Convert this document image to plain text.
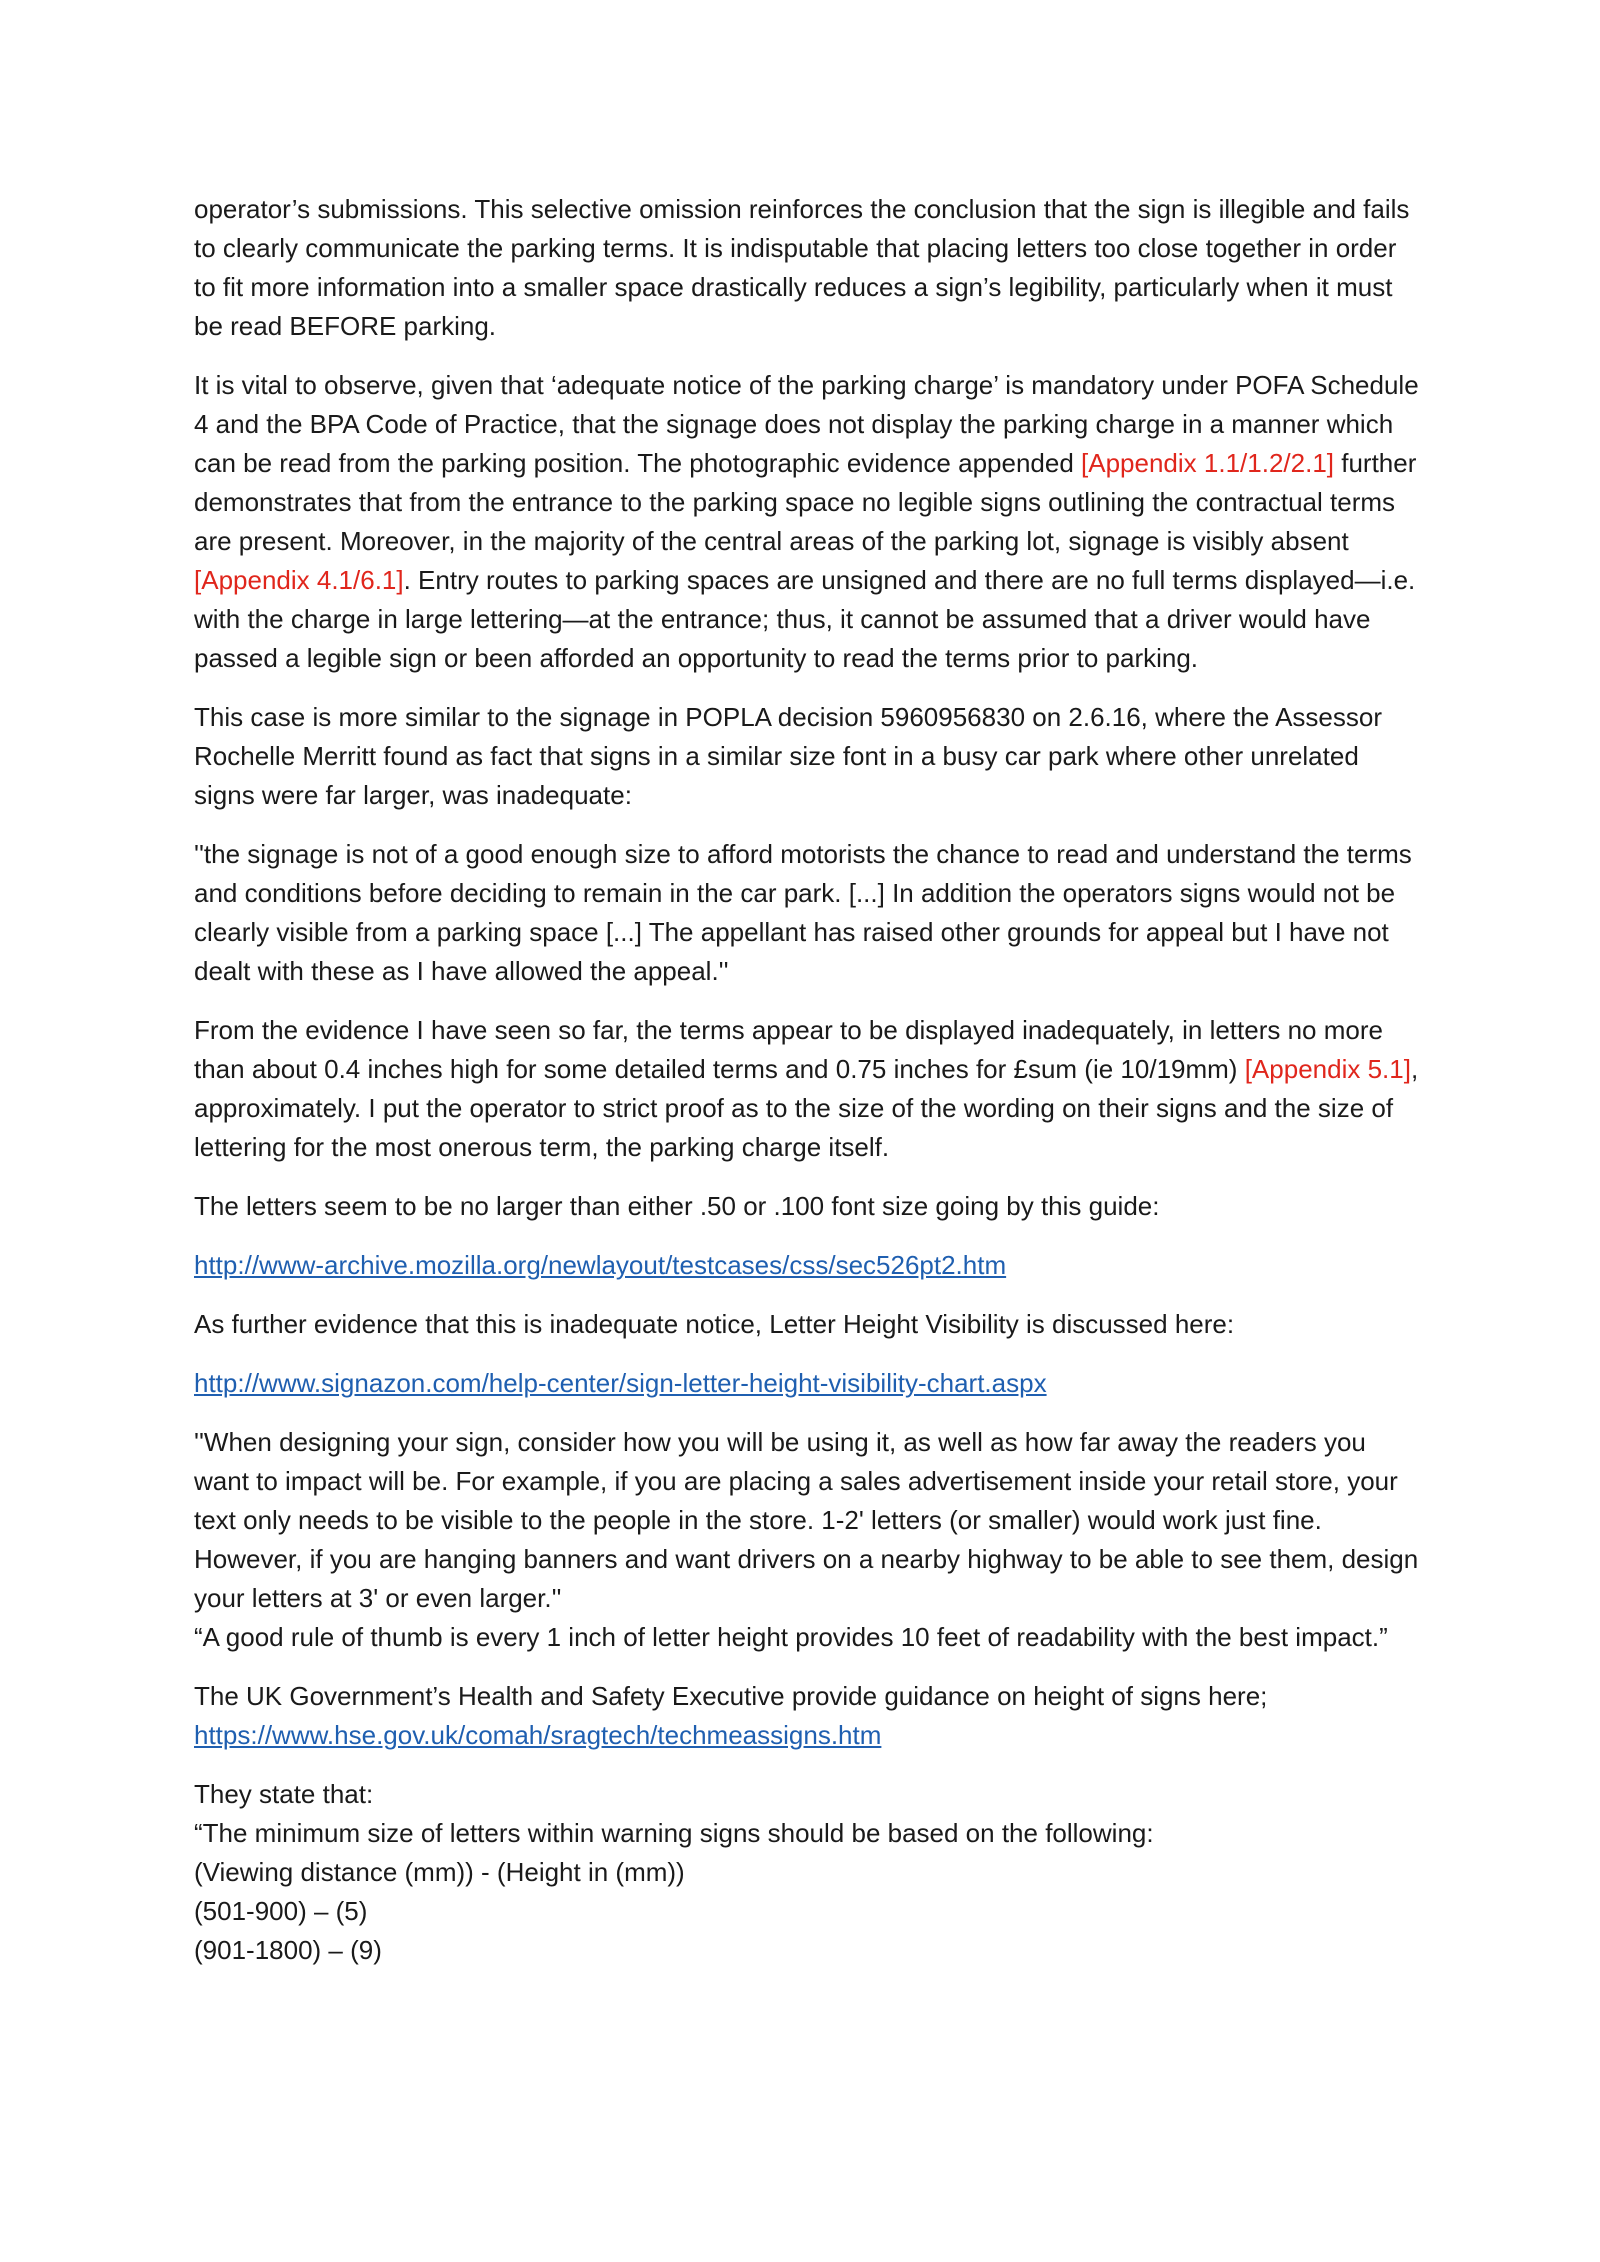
operator’s submissions. This selective omission reinforces the conclusion that the sign is illegible and fails to clearly communicate the parking terms. It is indisputable that placing letters too close together in order to fit more information into a smaller space drastically reduces a sign’s legibility, particularly when it must be read BEFORE parking.

It is vital to observe, given that ‘adequate notice of the parking charge’ is mandatory under POFA Schedule 4 and the BPA Code of Practice, that the signage does not display the parking charge in a manner which can be read from the parking position. The photographic evidence appended [Appendix 1.1/1.2/2.1] further demonstrates that from the entrance to the parking space no legible signs outlining the contractual terms are present. Moreover, in the majority of the central areas of the parking lot, signage is visibly absent [Appendix 4.1/6.1]. Entry routes to parking spaces are unsigned and there are no full terms displayed—i.e. with the charge in large lettering—at the entrance; thus, it cannot be assumed that a driver would have passed a legible sign or been afforded an opportunity to read the terms prior to parking.

This case is more similar to the signage in POPLA decision 5960956830 on 2.6.16, where the Assessor Rochelle Merritt found as fact that signs in a similar size font in a busy car park where other unrelated signs were far larger, was inadequate:

''the signage is not of a good enough size to afford motorists the chance to read and understand the terms and conditions before deciding to remain in the car park. [...] In addition the operators signs would not be clearly visible from a parking space [...] The appellant has raised other grounds for appeal but I have not dealt with these as I have allowed the appeal.''

From the evidence I have seen so far, the terms appear to be displayed inadequately, in letters no more than about 0.4 inches high for some detailed terms and 0.75 inches for £sum (ie 10/19mm) [Appendix 5.1], approximately. I put the operator to strict proof as to the size of the wording on their signs and the size of lettering for the most onerous term, the parking charge itself.

The letters seem to be no larger than either .50 or .100 font size going by this guide:

http://www-archive.mozilla.org/newlayout/testcases/css/sec526pt2.htm

As further evidence that this is inadequate notice, Letter Height Visibility is discussed here:

http://www.signazon.com/help-center/sign-letter-height-visibility-chart.aspx

''When designing your sign, consider how you will be using it, as well as how far away the readers you want to impact will be. For example, if you are placing a sales advertisement inside your retail store, your text only needs to be visible to the people in the store. 1-2' letters (or smaller) would work just fine. However, if you are hanging banners and want drivers on a nearby highway to be able to see them, design your letters at 3' or even larger.''
“A good rule of thumb is every 1 inch of letter height provides 10 feet of readability with the best impact.”

The UK Government’s Health and Safety Executive provide guidance on height of signs here;
https://www.hse.gov.uk/comah/sragtech/techmeassigns.htm

They state that:
“The minimum size of letters within warning signs should be based on the following:
(Viewing distance (mm)) - (Height in (mm))
(501-900) – (5)
(901-1800) – (9)
